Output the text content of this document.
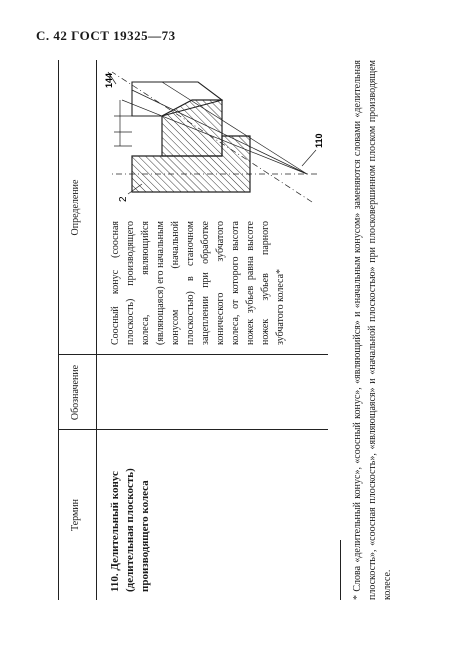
С. 42 ГОСТ 19325—73
Термин
Обозначение
Определение
110. Делительный конус (делительная плоскость) производящего колеса
Соосный конус (соосная плоскость) производящего колеса, являющийся (являющаяся) его начальным конусом (начальной плоскостью) в станочном зацеплении при обработке конического зубчатого колеса, от которого высота ножек зубьев равна высоте ножек зубьев парного зубчатого колеса*
2
144
110	* Слова «делительный конус», «соосный конус», «являющийся» и «начальным конусом» заменяются словами «делительная плоскость», «соосная плоскость», «являющаяся» и «начальной плоскостью» при плосковершинном плоском производящем колесе.
